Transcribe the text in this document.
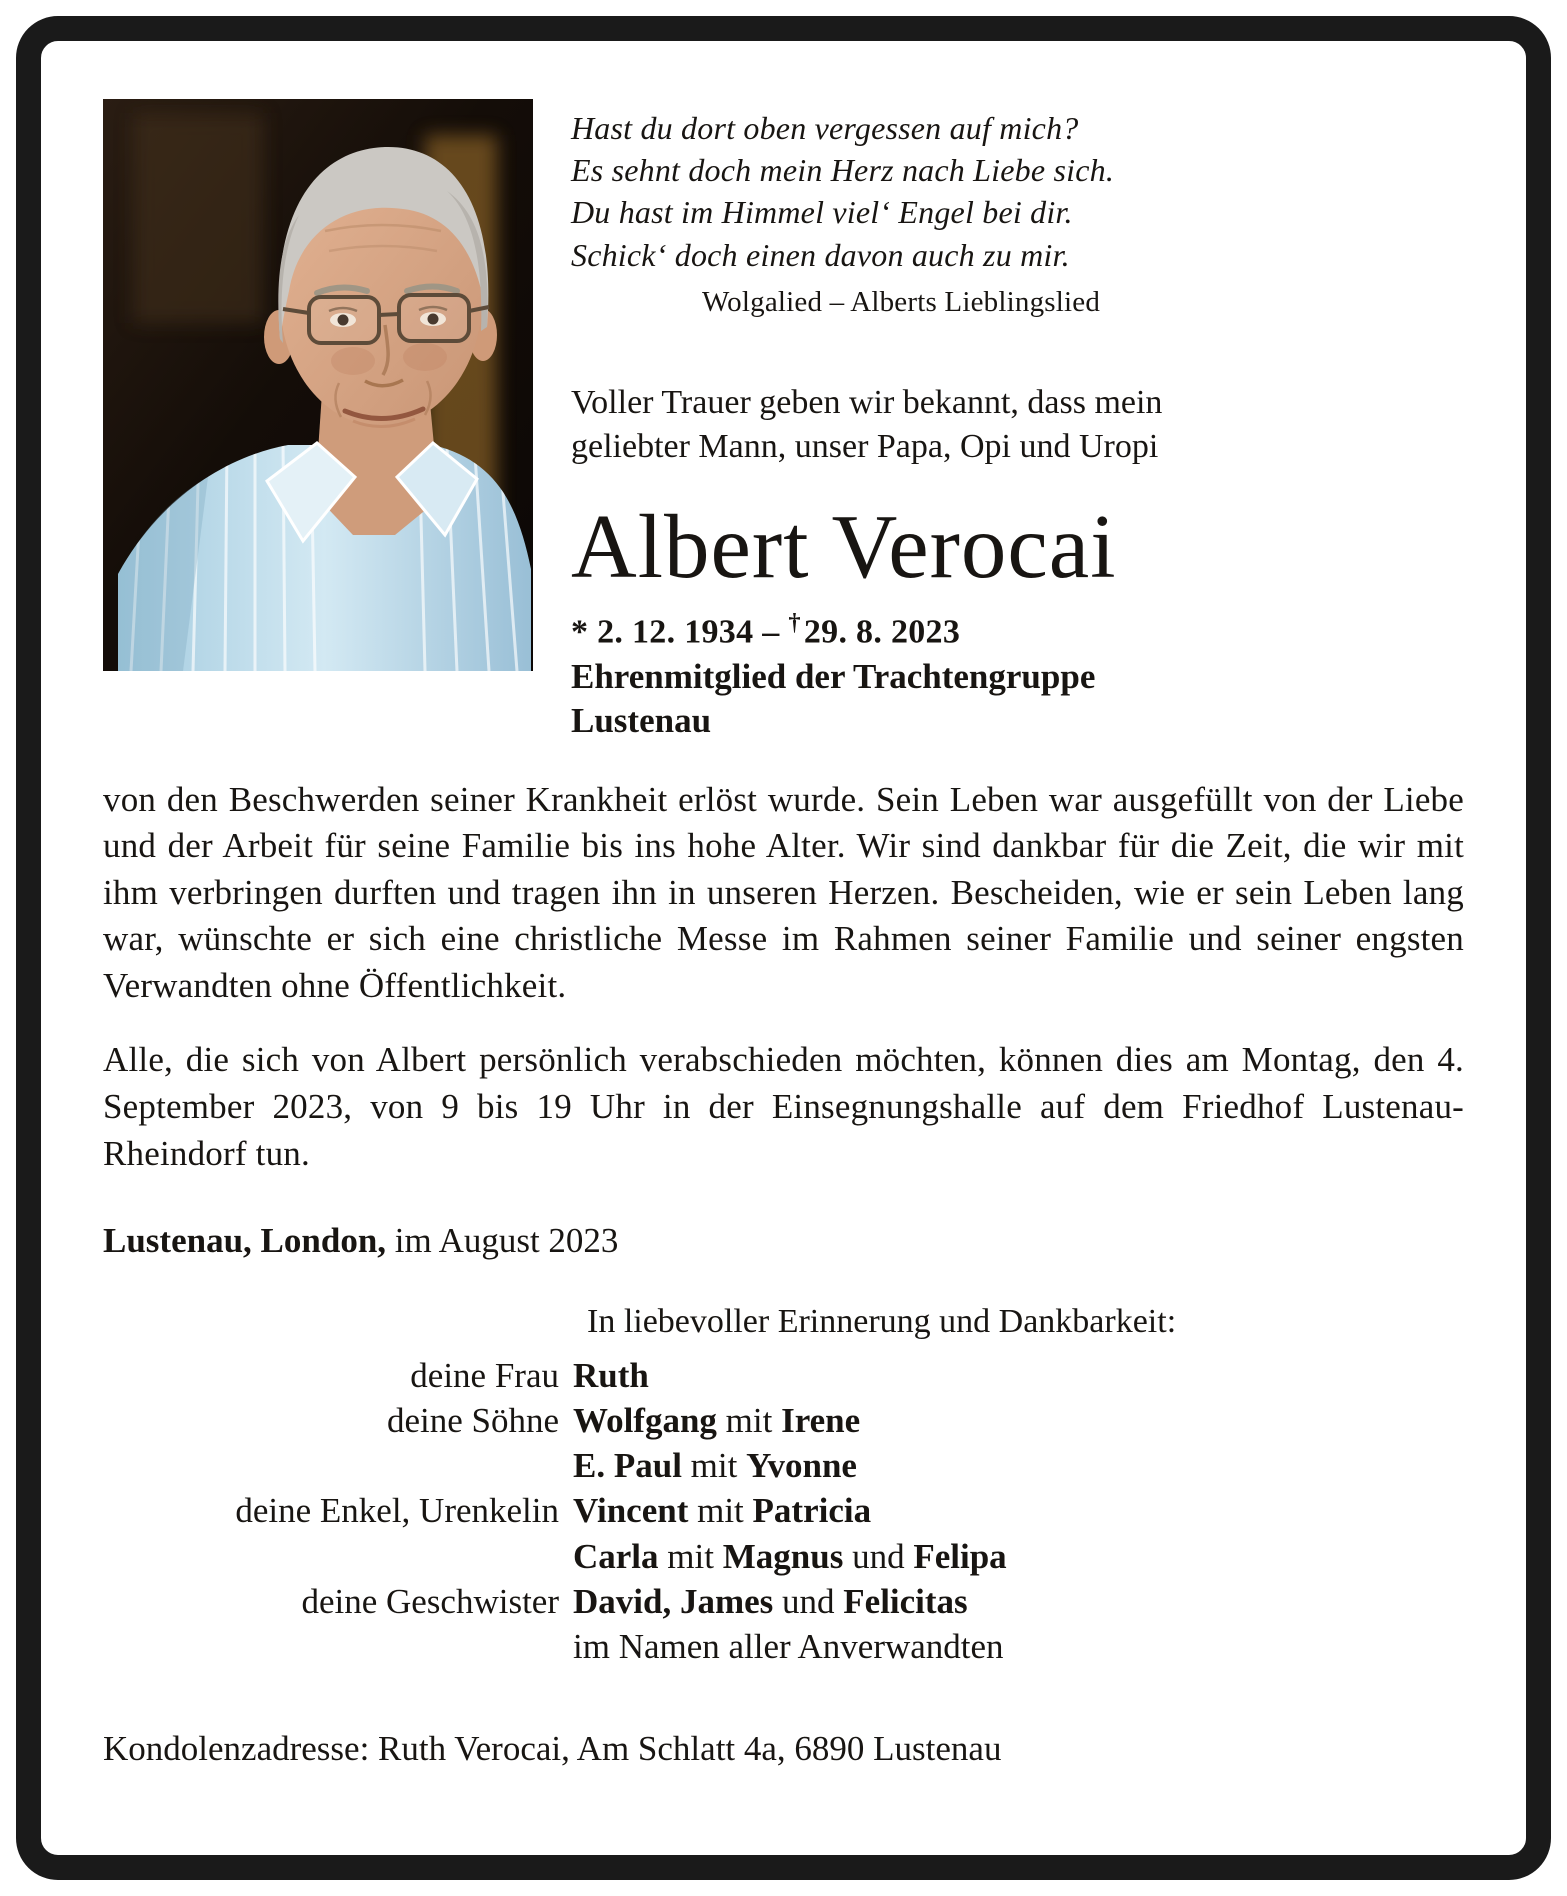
Hast du dort oben vergessen auf mich?
Es sehnt doch mein Herz nach Liebe sich.
Du hast im Himmel viel‘ Engel bei dir.
Schick‘ doch einen davon auch zu mir.
Wolgalied – Alberts Lieblingslied

Voller Trauer geben wir bekannt, dass mein geliebter Mann, unser Papa, Opi und Uropi

Albert Verocai

* 2. 12. 1934 – †29. 8. 2023

Ehrenmitglied der Trachtengruppe Lustenau

von den Beschwerden seiner Krankheit erlöst wurde. Sein Leben war ausgefüllt von der Liebe und der Arbeit für seine Familie bis ins hohe Alter. Wir sind dankbar für die Zeit, die wir mit ihm verbringen durften und tragen ihn in unseren Herzen. Bescheiden, wie er sein Leben lang war, wünschte er sich eine christliche Messe im Rahmen seiner Familie und seiner engsten Verwandten ohne Öffentlichkeit.

Alle, die sich von Albert persönlich verabschieden möchten, können dies am Montag, den 4. September 2023, von 9 bis 19 Uhr in der Einsegnungshalle auf dem Friedhof Lustenau-Rheindorf tun.

Lustenau, London, im August 2023

In liebevoller Erinnerung und Dankbarkeit:

deine Frau Ruth
deine Söhne Wolfgang mit Irene
E. Paul mit Yvonne
deine Enkel, Urenkelin Vincent mit Patricia
Carla mit Magnus und Felipa
deine Geschwister David, James und Felicitas
im Namen aller Anverwandten

Kondolenzadresse: Ruth Verocai, Am Schlatt 4a, 6890 Lustenau
